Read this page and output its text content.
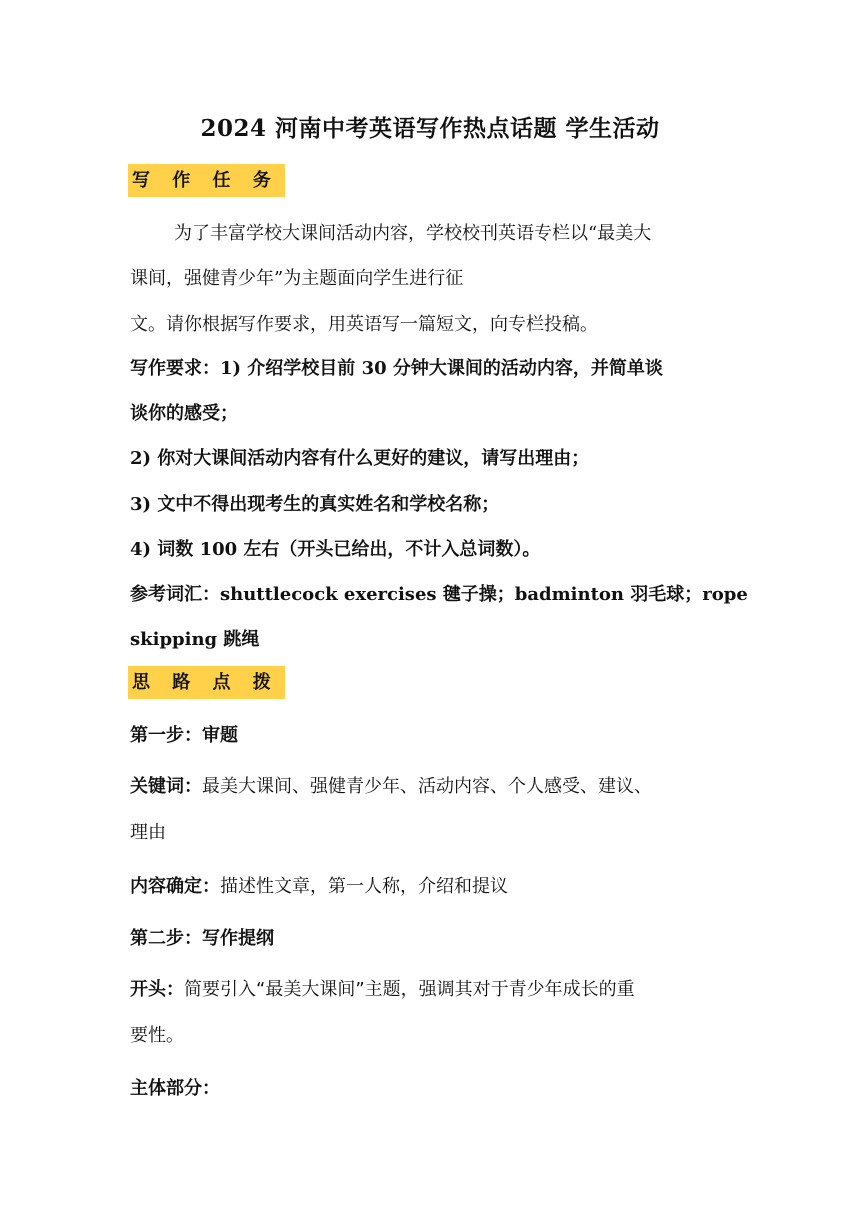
2024 河南中考英语写作热点话题 学生活动
写 作 任 务
为了丰富学校大课间活动内容，学校校刊英语专栏以“最美大
课间，强健青少年”为主题面向学生进行征
文。请你根据写作要求，用英语写一篇短文，向专栏投稿。
写作要求：1) 介绍学校目前 30 分钟大课间的活动内容，并简单谈
谈你的感受；
2) 你对大课间活动内容有什么更好的建议，请写出理由；
3) 文中不得出现考生的真实姓名和学校名称；
4) 词数 100 左右（开头已给出，不计入总词数）。
参考词汇：shuttlecock exercises 毽子操；badminton 羽毛球；rope
skipping 跳绳
思 路 点 拨
第一步：审题
关键词：最美大课间、强健青少年、活动内容、个人感受、建议、
理由
内容确定：描述性文章，第一人称，介绍和提议
第二步：写作提纲
开头：简要引入“最美大课间”主题，强调其对于青少年成长的重
要性。
主体部分：
